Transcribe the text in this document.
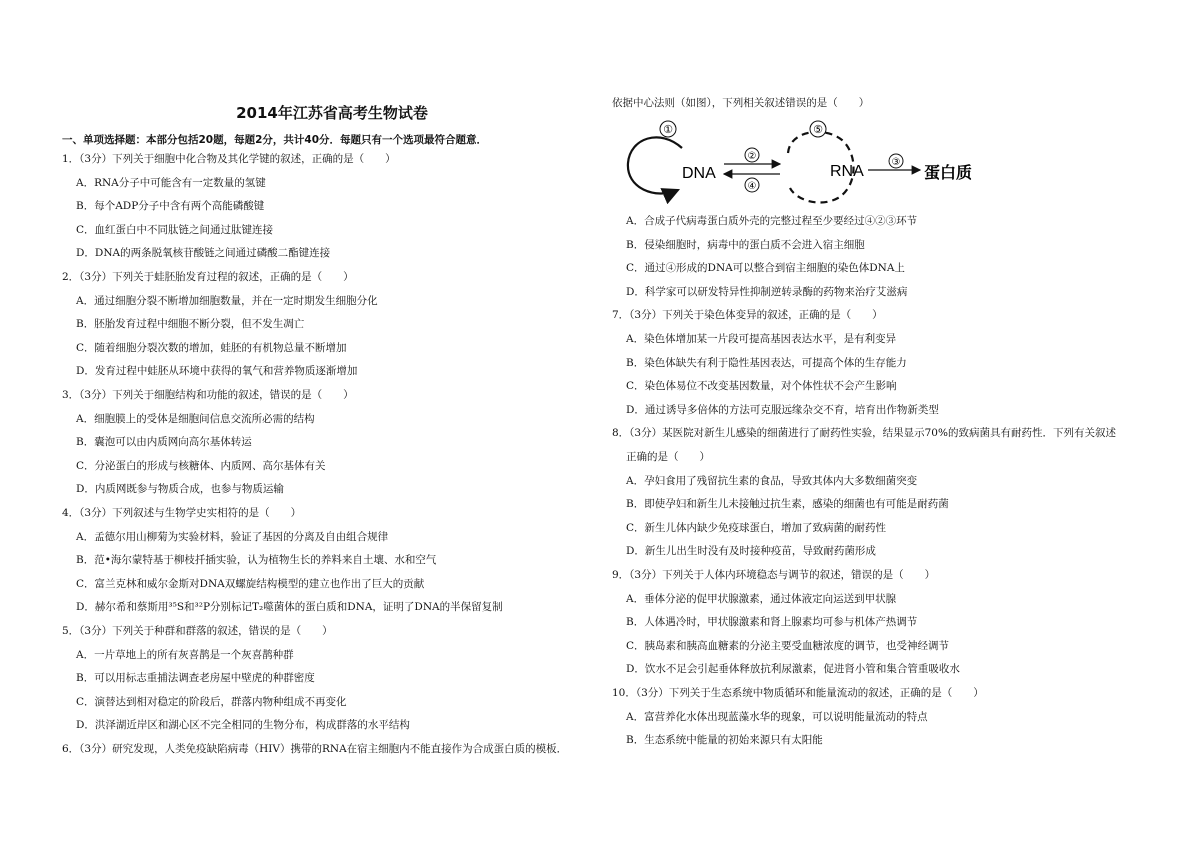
2014年江苏省高考生物试卷
一、单项选择题：本部分包括20题，每题2分，共计40分．每题只有一个选项最符合题意．
1．（3分）下列关于细胞中化合物及其化学键的叙述，正确的是（　　）
A．RNA分子中可能含有一定数量的氢键
B．每个ADP分子中含有两个高能磷酸键
C．血红蛋白中不同肽链之间通过肽键连接
D．DNA的两条脱氧核苷酸链之间通过磷酸二酯键连接
2．（3分）下列关于蛙胚胎发育过程的叙述，正确的是（　　）
A．通过细胞分裂不断增加细胞数量，并在一定时期发生细胞分化
B．胚胎发育过程中细胞不断分裂，但不发生凋亡
C．随着细胞分裂次数的增加，蛙胚的有机物总量不断增加
D．发育过程中蛙胚从环境中获得的氧气和营养物质逐渐增加
3．（3分）下列关于细胞结构和功能的叙述，错误的是（　　）
A．细胞膜上的受体是细胞间信息交流所必需的结构
B．囊泡可以由内质网向高尔基体转运
C．分泌蛋白的形成与核糖体、内质网、高尔基体有关
D．内质网既参与物质合成，也参与物质运输
4．（3分）下列叙述与生物学史实相符的是（　　）
A．孟德尔用山柳菊为实验材料，验证了基因的分离及自由组合规律
B．范•海尔蒙特基于柳枝扦插实验，认为植物生长的养料来自土壤、水和空气
C．富兰克林和威尔金斯对DNA双螺旋结构模型的建立也作出了巨大的贡献
D．赫尔希和蔡斯用³⁵S和³²P分别标记T₂噬菌体的蛋白质和DNA，证明了DNA的半保留复制
5．（3分）下列关于种群和群落的叙述，错误的是（　　）
A．一片草地上的所有灰喜鹊是一个灰喜鹊种群
B．可以用标志重捕法调查老房屋中壁虎的种群密度
C．演替达到相对稳定的阶段后，群落内物种组成不再变化
D．洪泽湖近岸区和湖心区不完全相同的生物分布，构成群落的水平结构
6．（3分）研究发现，人类免疫缺陷病毒（HIV）携带的RNA在宿主细胞内不能直接作为合成蛋白质的模板．
依据中心法则（如图），下列相关叙述错误的是（　　）
①
DNA
②
④
⑤
RNA
③
蛋白质
A．合成子代病毒蛋白质外壳的完整过程至少要经过④②③环节
B．侵染细胞时，病毒中的蛋白质不会进入宿主细胞
C．通过④形成的DNA可以整合到宿主细胞的染色体DNA上
D．科学家可以研发特异性抑制逆转录酶的药物来治疗艾滋病
7．（3分）下列关于染色体变异的叙述，正确的是（　　）
A．染色体增加某一片段可提高基因表达水平，是有利变异
B．染色体缺失有利于隐性基因表达，可提高个体的生存能力
C．染色体易位不改变基因数量，对个体性状不会产生影响
D．通过诱导多倍体的方法可克服远缘杂交不育，培育出作物新类型
8．（3分）某医院对新生儿感染的细菌进行了耐药性实验，结果显示70%的致病菌具有耐药性．下列有关叙述
正确的是（　　）
A．孕妇食用了残留抗生素的食品，导致其体内大多数细菌突变
B．即使孕妇和新生儿未接触过抗生素，感染的细菌也有可能是耐药菌
C．新生儿体内缺少免疫球蛋白，增加了致病菌的耐药性
D．新生儿出生时没有及时接种疫苗，导致耐药菌形成
9．（3分）下列关于人体内环境稳态与调节的叙述，错误的是（　　）
A．垂体分泌的促甲状腺激素，通过体液定向运送到甲状腺
B．人体遇冷时，甲状腺激素和肾上腺素均可参与机体产热调节
C．胰岛素和胰高血糖素的分泌主要受血糖浓度的调节，也受神经调节
D．饮水不足会引起垂体释放抗利尿激素，促进肾小管和集合管重吸收水
10．（3分）下列关于生态系统中物质循环和能量流动的叙述，正确的是（　　）
A．富营养化水体出现蓝藻水华的现象，可以说明能量流动的特点
B．生态系统中能量的初始来源只有太阳能
